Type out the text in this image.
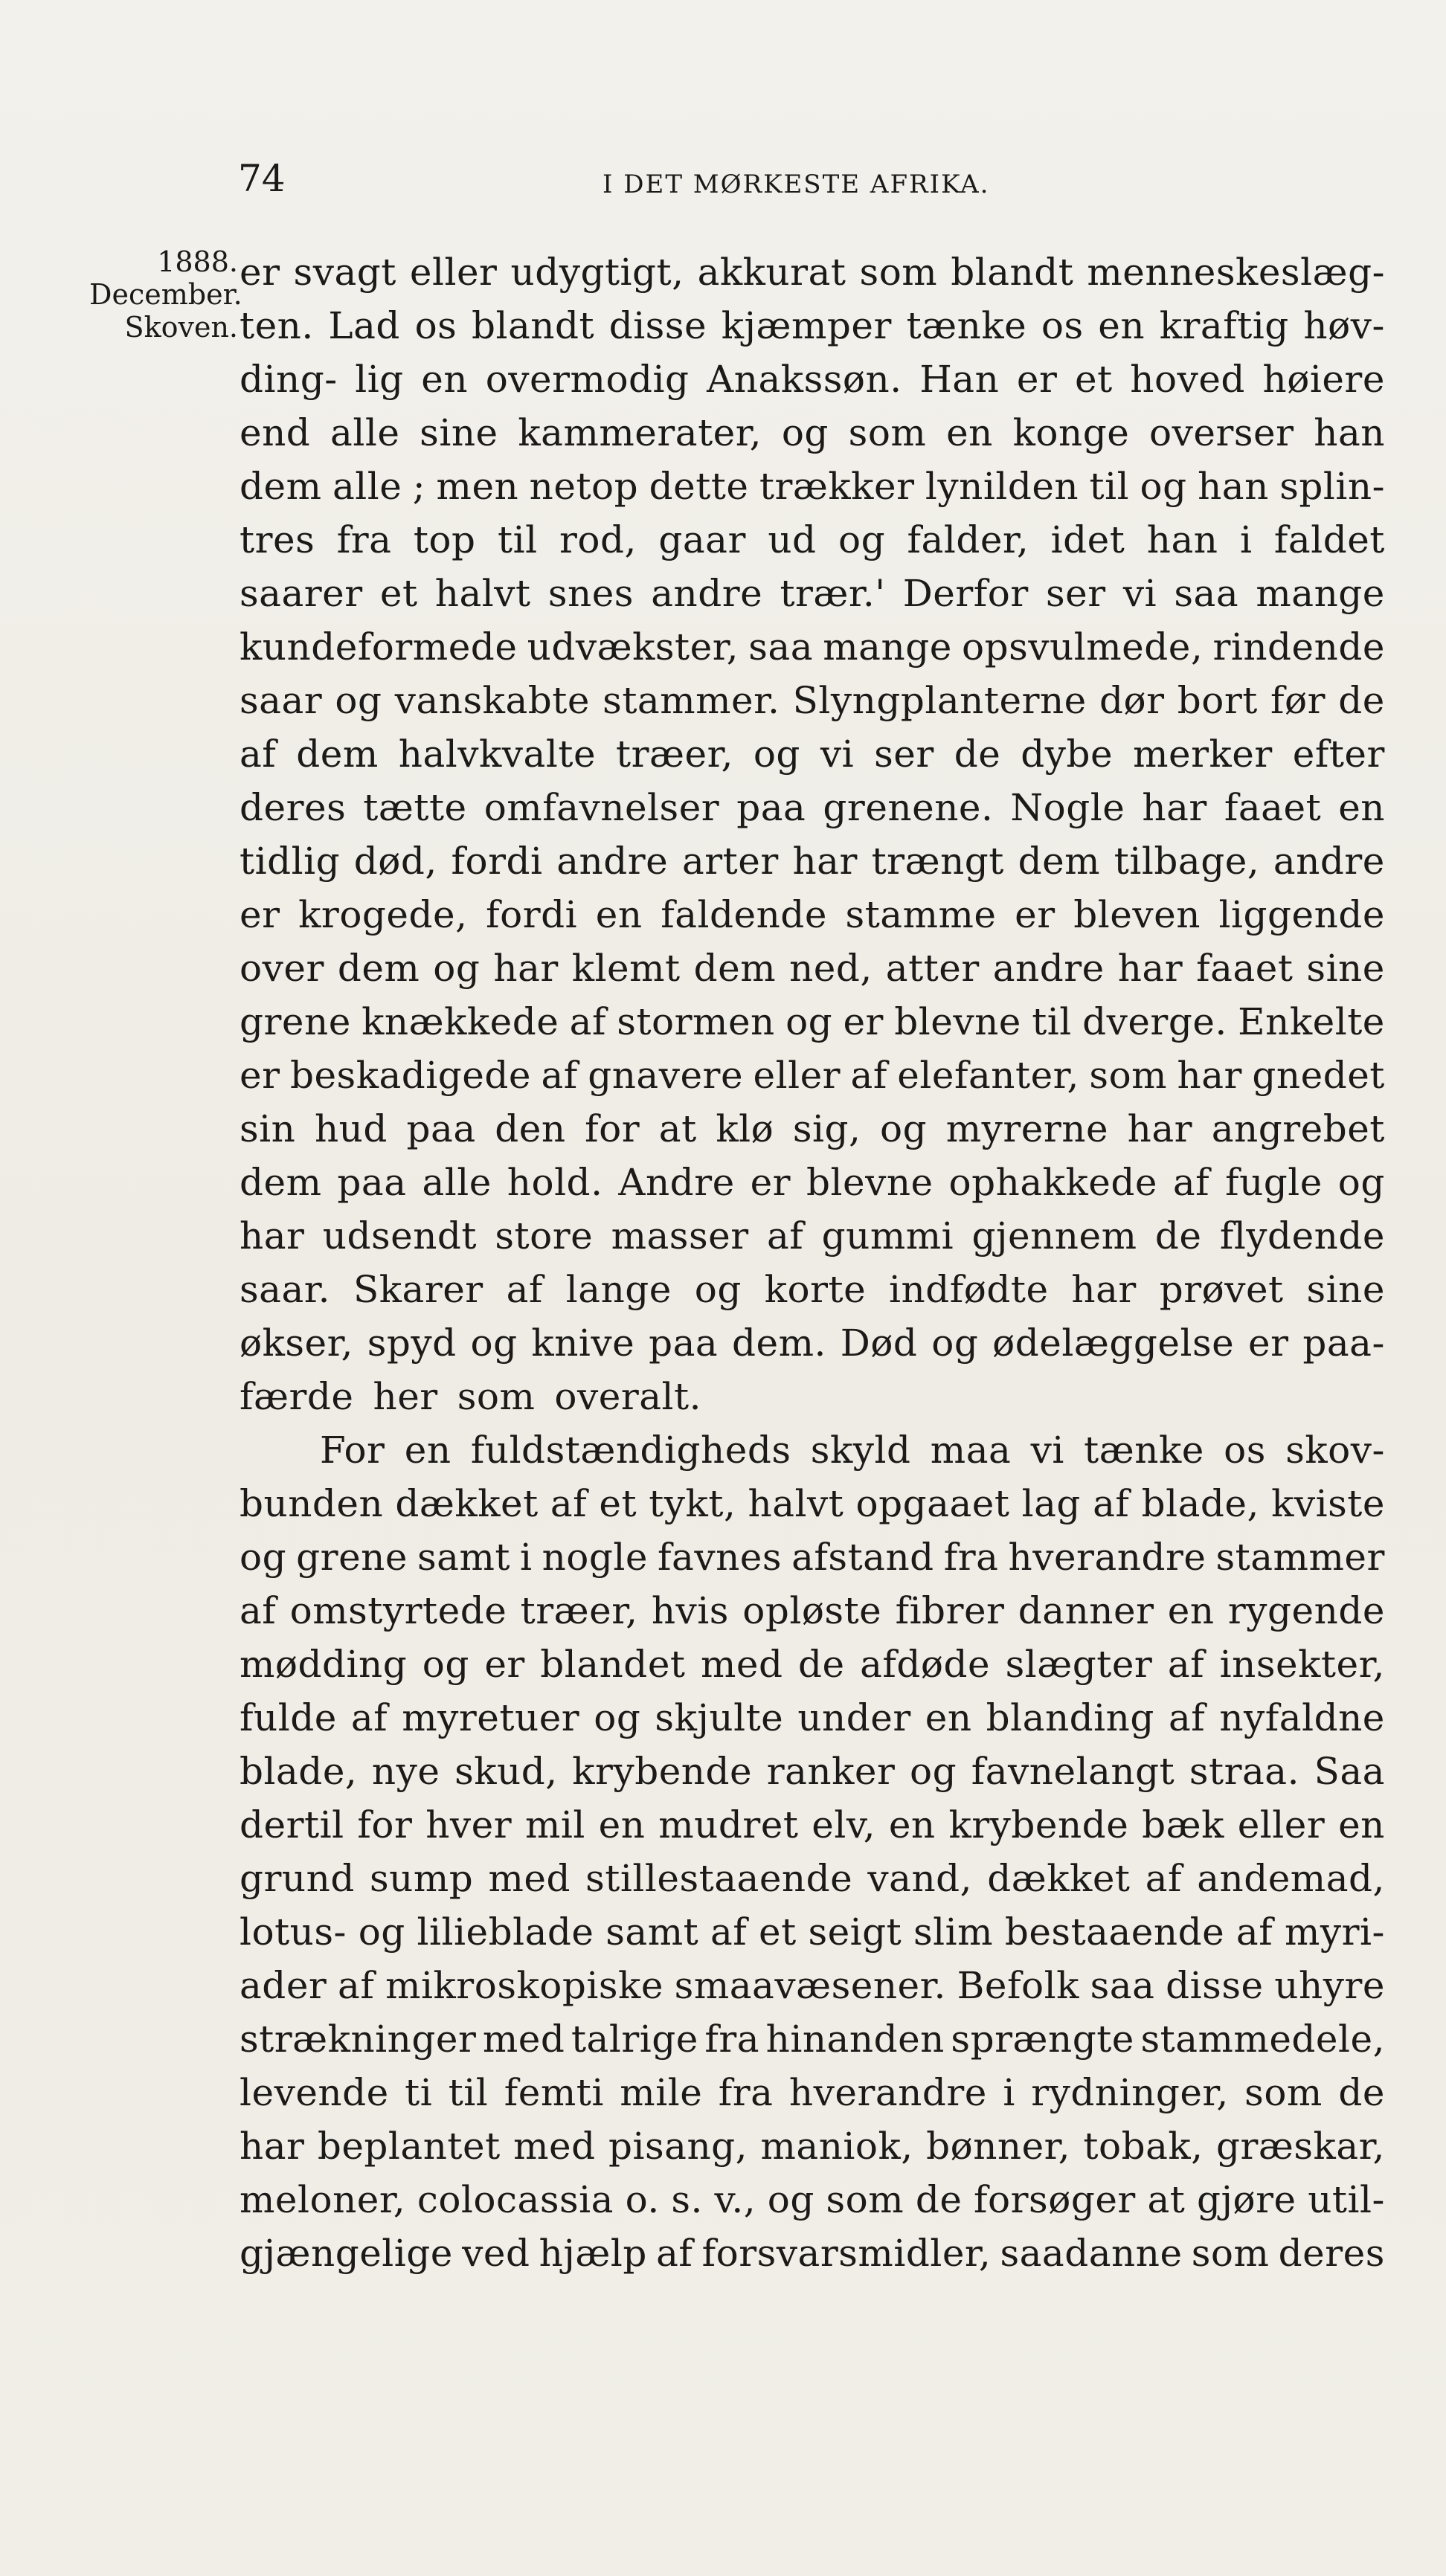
74	I DET MØRKESTE AFRIKA.
1888.
December.
Skoven.
er svagt eller udygtigt, akkurat som blandt menneskeslæg-
ten. Lad os blandt disse kjæmper tænke os en kraftig høv-
ding- lig en overmodig Anakssøn. Han er et hoved høiere
end alle sine kammerater, og som en konge overser han
dem alle ; men netop dette trækker lynilden til og han splin-
tres fra top til rod, gaar ud og falder, idet han i faldet
saarer et halvt snes andre trær.' Derfor ser vi saa mange
kundeformede udvækster, saa mange opsvulmede, rindende
saar og vanskabte stammer. Slyngplanterne dør bort før de
af dem halvkvalte træer, og vi ser de dybe merker efter
deres tætte omfavnelser paa grenene. Nogle har faaet en
tidlig død, fordi andre arter har trængt dem tilbage, andre
er krogede, fordi en faldende stamme er bleven liggende
over dem og har klemt dem ned, atter andre har faaet sine
grene knækkede af stormen og er blevne til dverge. Enkelte
er beskadigede af gnavere eller af elefanter, som har gnedet
sin hud paa den for at klø sig, og myrerne har angrebet
dem paa alle hold. Andre er blevne ophakkede af fugle og
har udsendt store masser af gummi gjennem de flydende
saar. Skarer af lange og korte indfødte har prøvet sine
økser, spyd og knive paa dem. Død og ødelæggelse er paa-
færde her som overalt.
For en fuldstændigheds skyld maa vi tænke os skov-
bunden dækket af et tykt, halvt opgaaet lag af blade, kviste
og grene samt i nogle favnes afstand fra hverandre stammer
af omstyrtede træer, hvis opløste fibrer danner en rygende
mødding og er blandet med de afdøde slægter af insekter,
fulde af myretuer og skjulte under en blanding af nyfaldne
blade, nye skud, krybende ranker og favnelangt straa. Saa
dertil for hver mil en mudret elv, en krybende bæk eller en
grund sump med stillestaaende vand, dækket af andemad,
lotus- og lilieblade samt af et seigt slim bestaaende af myri-
ader af mikroskopiske smaavæsener. Befolk saa disse uhyre
strækninger med talrige fra hinanden sprængte stammedele,
levende ti til femti mile fra hverandre i rydninger, som de
har beplantet med pisang, maniok, bønner, tobak, græskar,
meloner, colocassia o. s. v., og som de forsøger at gjøre util-
gjængelige ved hjælp af forsvarsmidler, saadanne som deres
